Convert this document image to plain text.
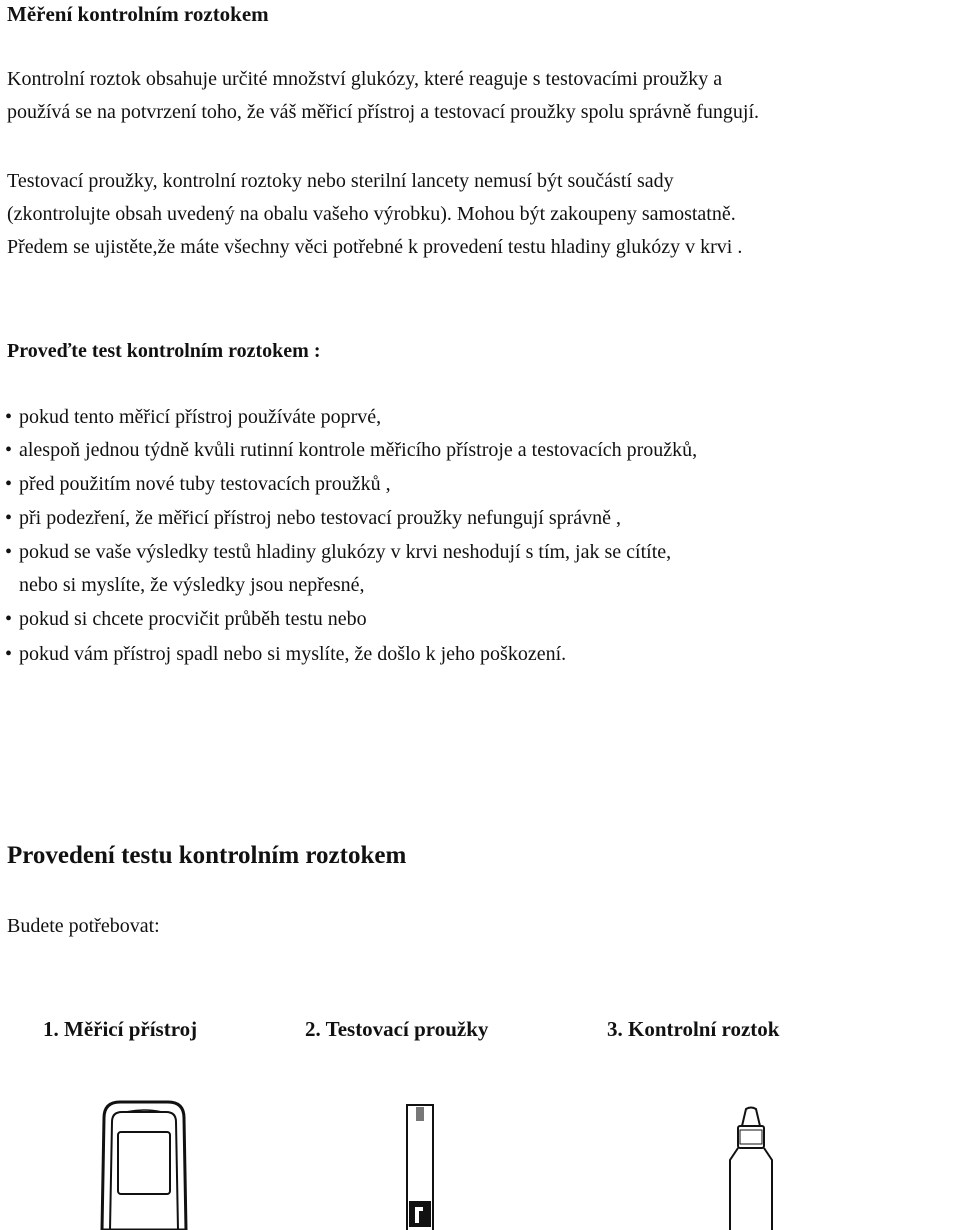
Měření kontrolním roztokem
Kontrolní roztok obsahuje určité množství glukózy, které reaguje s testovacími proužky a
používá se na potvrzení toho, že váš měřicí přístroj a testovací proužky spolu správně fungují.
Testovací proužky, kontrolní roztoky nebo sterilní lancety nemusí být součástí sady
(zkontrolujte obsah uvedený na obalu vašeho výrobku). Mohou být zakoupeny samostatně.
Předem se ujistěte,že máte všechny věci potřebné k provedení testu hladiny glukózy v krvi .
Proveďte test kontrolním roztokem :
• pokud tento měřicí přístroj používáte poprvé,
• alespoň jednou týdně kvůli rutinní kontrole měřicího přístroje a testovacích proužků,
• před použitím nové tuby testovacích proužků ,
• při podezření, že měřicí přístroj nebo testovací proužky nefungují správně ,
• pokud se vaše výsledky testů hladiny glukózy v krvi neshodují s tím, jak se cítíte,
nebo si myslíte, že výsledky jsou nepřesné,
• pokud si chcete procvičit průběh testu nebo
• pokud vám přístroj spadl nebo si myslíte, že došlo k jeho poškození.
Provedení testu kontrolním roztokem
Budete potřebovat:
1. Měřicí přístroj	2. Testovací proužky	3. Kontrolní roztok
